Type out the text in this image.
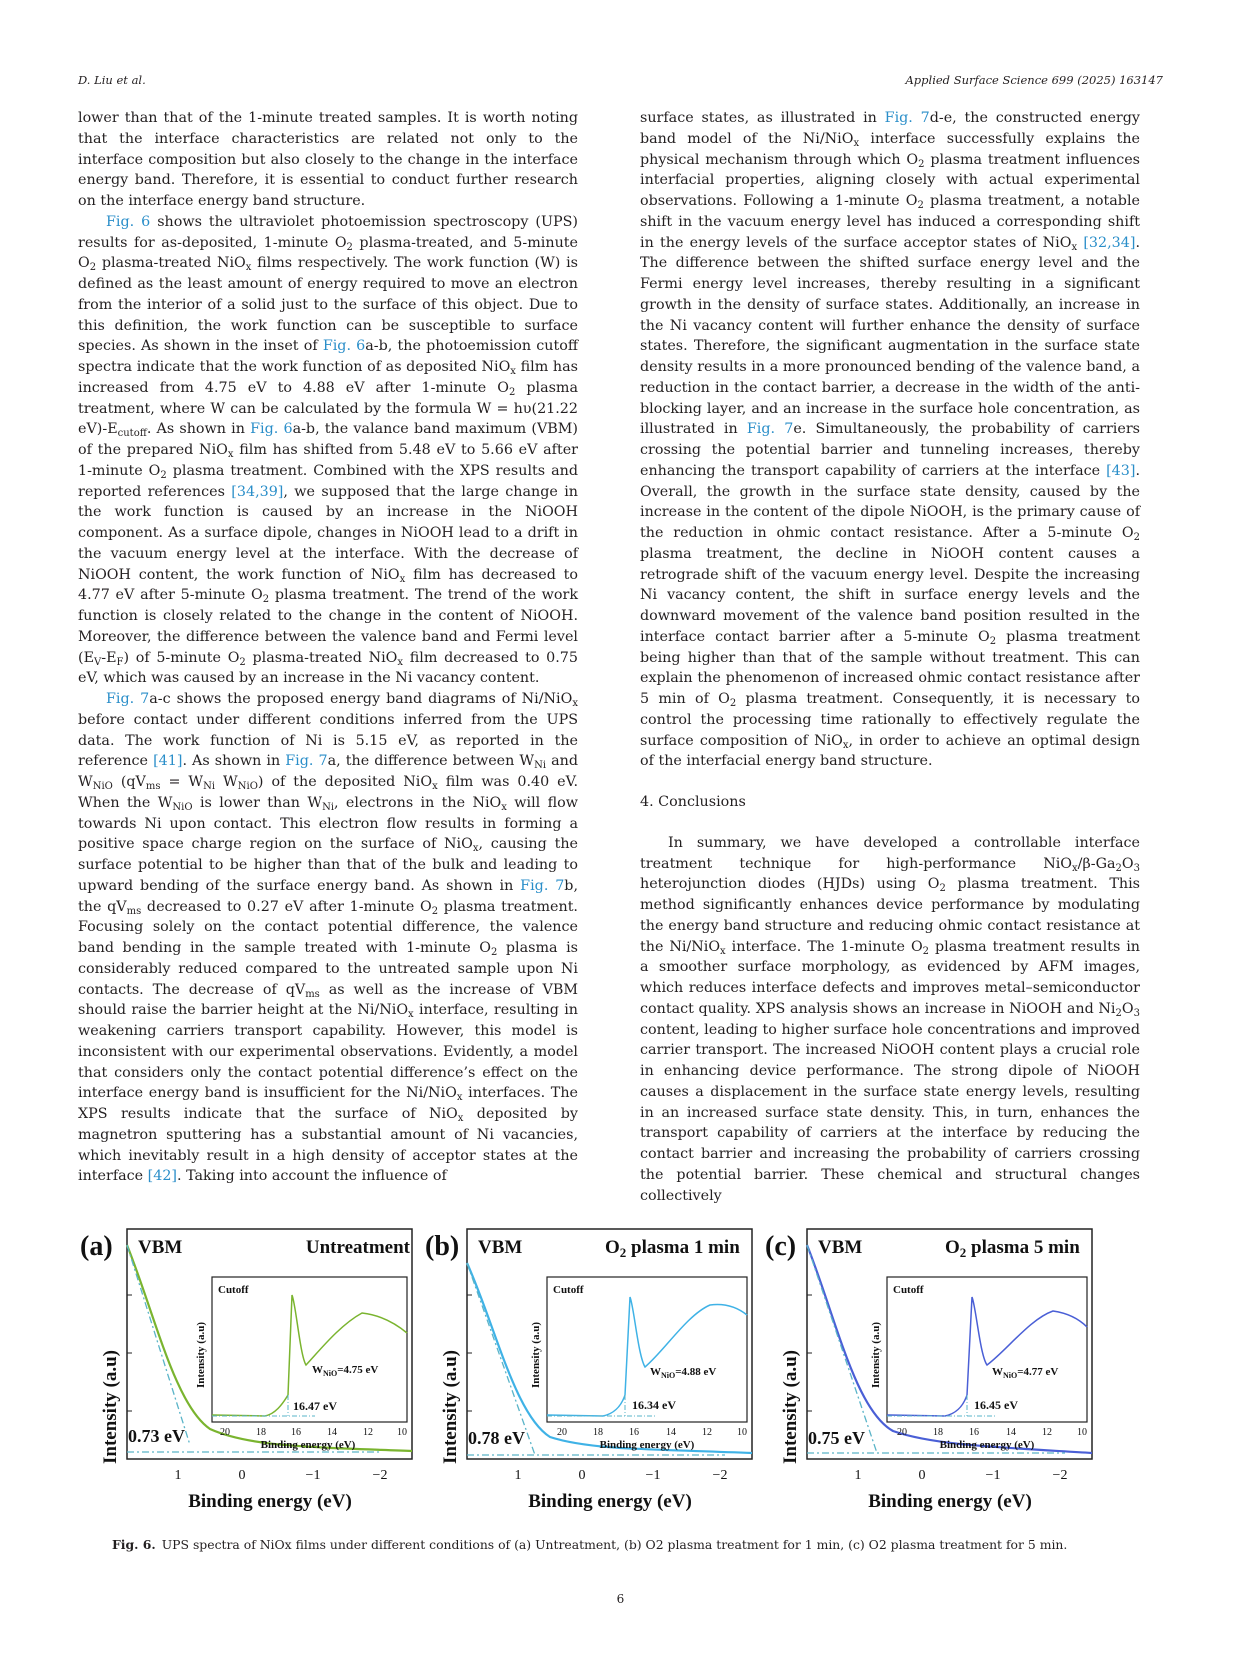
D. Liu et al.	Applied Surface Science 699 (2025) 163147

lower than that of the 1-minute treated samples. It is worth noting that the interface characteristics are related not only to the interface composition but also closely to the change in the interface energy band. Therefore, it is essential to conduct further research on the interface energy band structure.

Fig. 6 shows the ultraviolet photoemission spectroscopy (UPS) results for as-deposited, 1-minute $O_2$ plasma-treated, and 5-minute $O_2$ plasma-treated NiO$_x$ films respectively. The work function (W) is defined as the least amount of energy required to move an electron from the interior of a solid just to the surface of this object. Due to this definition, the work function can be susceptible to surface species. As shown in the inset of Fig. 6a-b, the photoemission cutoff spectra indicate that the work function of as deposited NiO$_x$ film has increased from 4.75 eV to 4.88 eV after 1-minute $O_2$ plasma treatment, where W can be calculated by the formula W = hυ(21.22 $eV)-E_{cutoff}$. As shown in Fig. 6a-b, the valance band maximum (VBM) of the prepared NiO$_x$ film has shifted from 5.48 eV to 5.66 eV after 1-minute $O_2$ plasma treatment. Combined with the XPS results and reported references [34,39], we supposed that the large change in the work function is caused by an increase in the NiOOH component. As a surface dipole, changes in NiOOH lead to a drift in the vacuum energy level at the interface. With the decrease of NiOOH content, the work function of NiO$_x$ film has decreased to 4.77 eV after 5-minute $O_2$ plasma treatment. The trend of the work function is closely related to the change in the content of NiOOH. Moreover, the difference between the valence band and Fermi level $(E_V-E_F)$ of 5-minute $O_2$ plasma-treated NiO$_x$ film decreased to 0.75 eV, which was caused by an increase in the Ni vacancy content.

Fig. 7a-c shows the proposed energy band diagrams of Ni/NiO$_x$ before contact under different conditions inferred from the UPS data. The work function of Ni is 5.15 eV, as reported in the reference [41]. As shown in Fig. 7a, the difference between $W_{Ni}$ and $W_{NiO}$ ($qV_{ms} = W_{Ni}$ $W_{NiO}$) of the deposited NiO$_x$ film was 0.40 eV. When the $W_{NiO}$ is lower than $W_{Ni}$, electrons in the NiO$_x$ will flow towards Ni upon contact. This electron flow results in forming a positive space charge region on the surface of NiO$_x$, causing the surface potential to be higher than that of the bulk and leading to upward bending of the surface energy band. As shown in Fig. 7b, the $qV_{ms}$ decreased to 0.27 eV after 1-minute $O_2$ plasma treatment. Focusing solely on the contact potential difference, the valence band bending in the sample treated with 1-minute $O_2$ plasma is considerably reduced compared to the untreated sample upon Ni contacts. The decrease of $qV_{ms}$ as well as the increase of VBM should raise the barrier height at the Ni/NiO$_x$ interface, resulting in weakening carriers transport capability. However, this model is inconsistent with our experimental observations. Evidently, a model that considers only the contact potential difference’s effect on the interface energy band is insufficient for the Ni/NiO$_x$ interfaces. The XPS results indicate that the surface of NiO$_x$ deposited by magnetron sputtering has a substantial amount of Ni vacancies, which inevitably result in a high density of acceptor states at the interface [42]. Taking into account the influence of

surface states, as illustrated in Fig. 7d-e, the constructed energy band model of the Ni/NiO$_x$ interface successfully explains the physical mechanism through which $O_2$ plasma treatment influences interfacial properties, aligning closely with actual experimental observations. Following a 1-minute $O_2$ plasma treatment, a notable shift in the vacuum energy level has induced a corresponding shift in the energy levels of the surface acceptor states of NiO$_x$ [32,34]. The difference between the shifted surface energy level and the Fermi energy level increases, thereby resulting in a significant growth in the density of surface states. Additionally, an increase in the Ni vacancy content will further enhance the density of surface states. Therefore, the significant augmentation in the surface state density results in a more pronounced bending of the valence band, a reduction in the contact barrier, a decrease in the width of the anti-blocking layer, and an increase in the surface hole concentration, as illustrated in Fig. 7e. Simultaneously, the probability of carriers crossing the potential barrier and tunneling increases, thereby enhancing the transport capability of carriers at the interface [43]. Overall, the growth in the surface state density, caused by the increase in the content of the dipole NiOOH, is the primary cause of the reduction in ohmic contact resistance. After a 5-minute $O_2$ plasma treatment, the decline in NiOOH content causes a retrograde shift of the vacuum energy level. Despite the increasing Ni vacancy content, the shift in surface energy levels and the downward movement of the valence band position resulted in the interface contact barrier after a 5-minute $O_2$ plasma treatment being higher than that of the sample without treatment. This can explain the phenomenon of increased ohmic contact resistance after 5 min of $O_2$ plasma treatment. Consequently, it is necessary to control the processing time rationally to effectively regulate the surface composition of NiO$_x$, in order to achieve an optimal design of the interfacial energy band structure.

4. Conclusions

In summary, we have developed a controllable interface treatment technique for high-performance $NiO_x/\beta-Ga_2O_3$ heterojunction diodes (HJDs) using $O_2$ plasma treatment. This method significantly enhances device performance by modulating the energy band structure and reducing ohmic contact resistance at the Ni/NiO$_x$ interface. The 1-minute $O_2$ plasma treatment results in a smoother surface morphology, as evidenced by AFM images, which reduces interface defects and improves metal–semiconductor contact quality. XPS analysis shows an increase in NiOOH and $Ni_2O_3$ content, leading to higher surface hole concentrations and improved carrier transport. The increased NiOOH content plays a crucial role in enhancing device performance. The strong dipole of NiOOH causes a displacement in the surface state energy levels, resulting in an increased surface state density. This, in turn, enhances the transport capability of carriers at the interface by reducing the contact barrier and increasing the probability of carriers crossing the potential barrier. These chemical and structural changes collectively

(a) VBM	Untreatment
Intensity (a.u) 0.73 eV
1	0	−1	−2
Binding energy (eV)
Cutoff
Intensity (a.u)
16.47 eV
$W_{NiO}=4.75$ eV
20	18	16	14	12 10
Binding energy (eV)
(b) VBM	$O_2$ plasma 1 min
Intensity (a.u) 0.78 eV
1	0	−1	−2
Binding energy (eV)
Cutoff
Intensity (a.u)
16.34 eV
$W_{NiO}=4.88$ eV
20	18	16	14	12	10
Binding energy (eV)
(c) VBM	$O_2$ plasma 5 min
Intensity (a.u) 0.75 eV
1	0	−1	−2
Binding energy (eV)
Cutoff
Intensity (a.u)
16.45 eV
$W_{NiO}=4.77$ eV
20	18	16	14	12	10
Binding energy (eV)
Fig. 6. UPS spectra of NiOx films under different conditions of (a) Untreatment, (b) O2 plasma treatment for 1 min, (c) O2 plasma treatment for 5 min.
6
